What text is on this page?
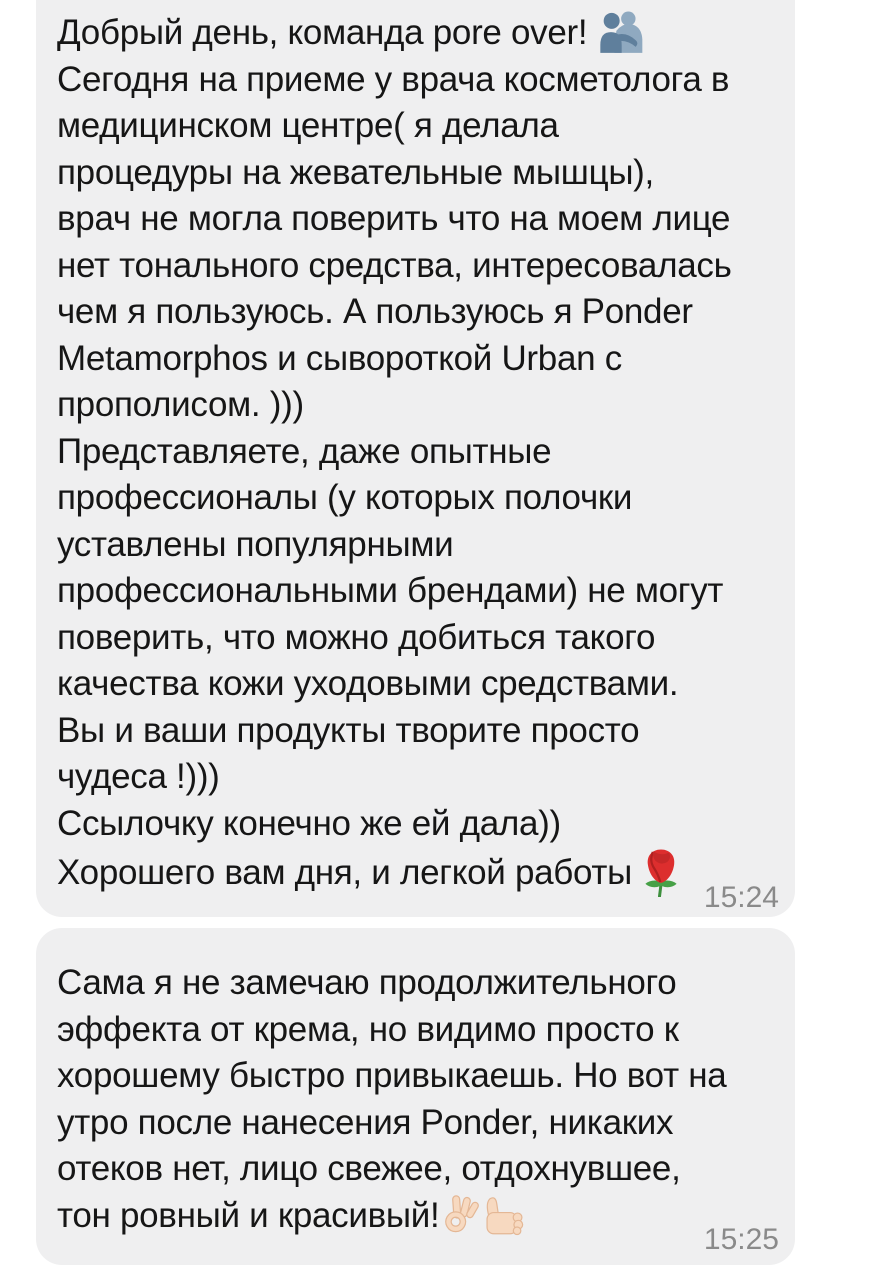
Добрый день, команда pore over!
Сегодня на приеме у врача косметолога в
медицинском центре( я делала
процедуры на жевательные мышцы),
врач не могла поверить что на моем лице
нет тонального средства, интересовалась
чем я пользуюсь. А пользуюсь я Ponder
Metamorphos и сывороткой Urban с
прополисом. )))
Представляете, даже опытные
профессионалы (у которых полочки
уставлены популярными
профессиональными брендами) не могут
поверить, что можно добиться такого
качества кожи уходовыми средствами.
Вы и ваши продукты творите просто
чудеса !)))
Ссылочку конечно же ей дала))
Хорошего вам дня, и легкой работы
15:24
Сама я не замечаю продолжительного
эффекта от крема, но видимо просто к
хорошему быстро привыкаешь. Но вот на
утро после нанесения Ponder, никаких
отеков нет, лицо свежее, отдохнувшее,
тон ровный и красивый!
15:25
